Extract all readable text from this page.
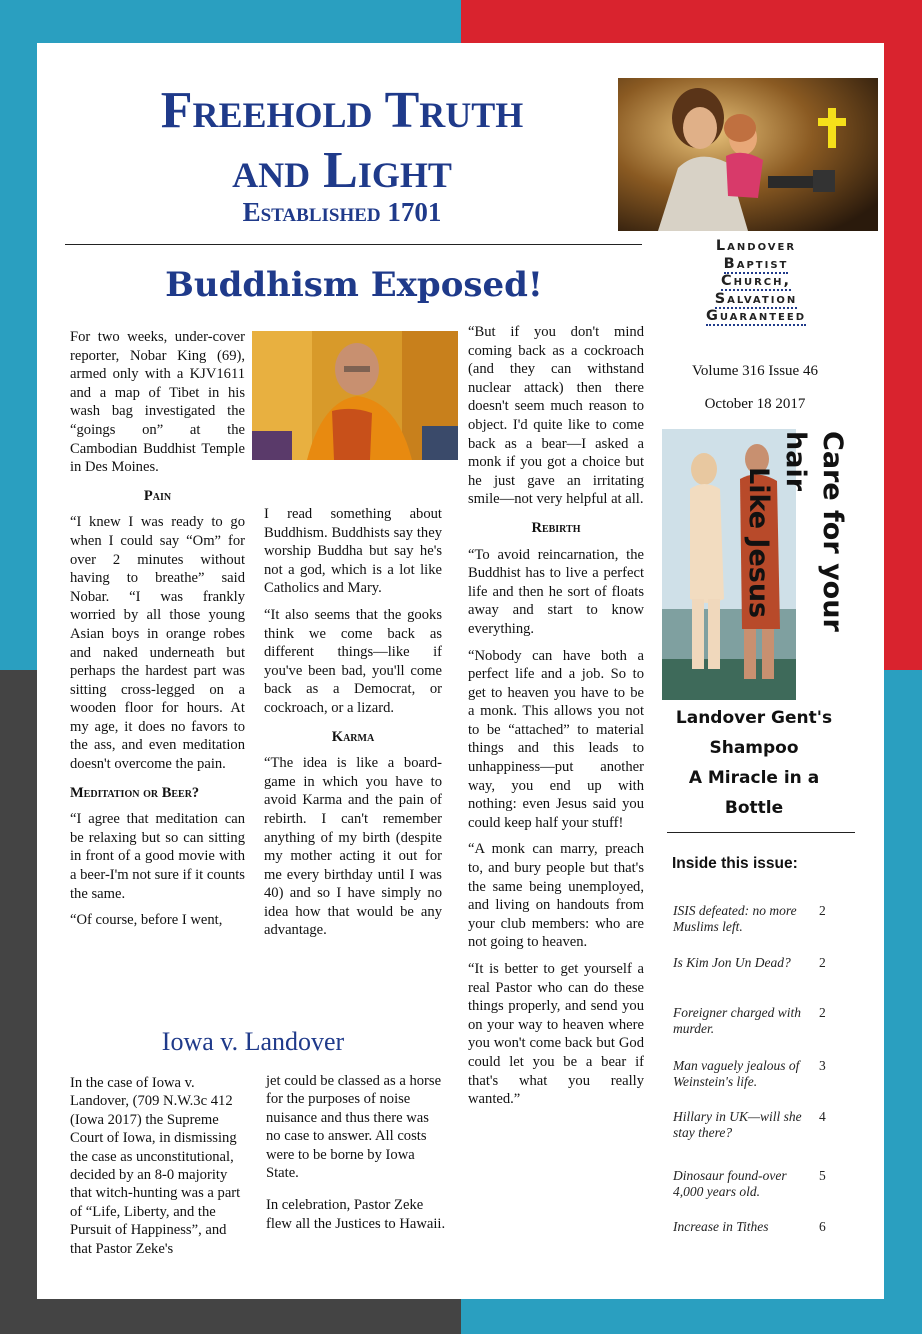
Freehold Truth
and Light
Established 1701
Landover
Baptist
Church,
Salvation
Guaranteed
Volume 316 Issue 46
October 18 2017
Care for your hair
Like Jesus
Landover Gent's
Shampoo
A Miracle in a
Bottle
Inside this issue:
ISIS defeated: no more Muslims left.
2
Is Kim Jon Un Dead? 2
Foreigner charged with murder.
2
Man vaguely jealous of Weinstein's life.
3
Hillary in UK—will she stay there?
4
Dinosaur found-over 4,000 years old.
5
Increase in Tithes	6
Buddhism Exposed!

For two weeks, under-cover reporter, Nobar King (69), armed only with a KJV1611 and a map of Tibet in his wash bag investigated the “goings on” at the Cambodian Buddhist Temple in Des Moines.

Pain

“I knew I was ready to go when I could say “Om” for over 2 minutes without having to breathe” said Nobar. “I was frankly worried by all those young Asian boys in orange robes and naked underneath but perhaps the hardest part was sitting cross-legged on a wooden floor for hours. At my age, it does no favors to the ass, and even meditation doesn't overcome the pain.

Meditation or Beer?

“I agree that meditation can be relaxing but so can sitting in front of a good movie with a beer-I'm not sure if it counts the same.

“Of course, before I went,

I read something about Buddhism. Buddhists say they worship Buddha but say he's not a god, which is a lot like Catholics and Mary.

“It also seems that the gooks think we come back as different things—like if you've been bad, you'll come back as a Democrat, or cockroach, or a lizard.

Karma

“The idea is like a board-game in which you have to avoid Karma and the pain of rebirth. I can't remember anything of my birth (despite my mother acting it out for me every birthday until I was 40) and so I have simply no idea how that would be any advantage.

“But if you don't mind coming back as a cockroach (and they can withstand nuclear attack) then there doesn't seem much reason to object. I'd quite like to come back as a bear—I asked a monk if you got a choice but he just gave an irritating smile—not very helpful at all.

Rebirth

“To avoid reincarnation, the Buddhist has to live a perfect life and then he sort of floats away and start to know everything.

“Nobody can have both a perfect life and a job. So to get to heaven you have to be a monk. This allows you not to be “attached” to material things and this leads to unhappiness—put another way, you end up with nothing: even Jesus said you could keep half your stuff!

“A monk can marry, preach to, and bury people but that's the same being unemployed, and living on handouts from your club members: who are not going to heaven.

“It is better to get yourself a real Pastor who can do these things properly, and send you on your way to heaven where you won't come back but God could let you be a bear if that's what you really wanted.”

Iowa v. Landover

In the case of Iowa v. Landover, (709 N.W.3c 412 (Iowa 2017) the Supreme Court of Iowa, in dismissing the case as unconstitutional, decided by an 8-0 majority that witch-hunting was a part of “Life, Liberty, and the Pursuit of Happiness”, and that Pastor Zeke's

jet could be classed as a horse for the purposes of noise nuisance and thus there was no case to answer. All costs were to be borne by Iowa State.

In celebration, Pastor Zeke flew all the Justices to Hawaii.
